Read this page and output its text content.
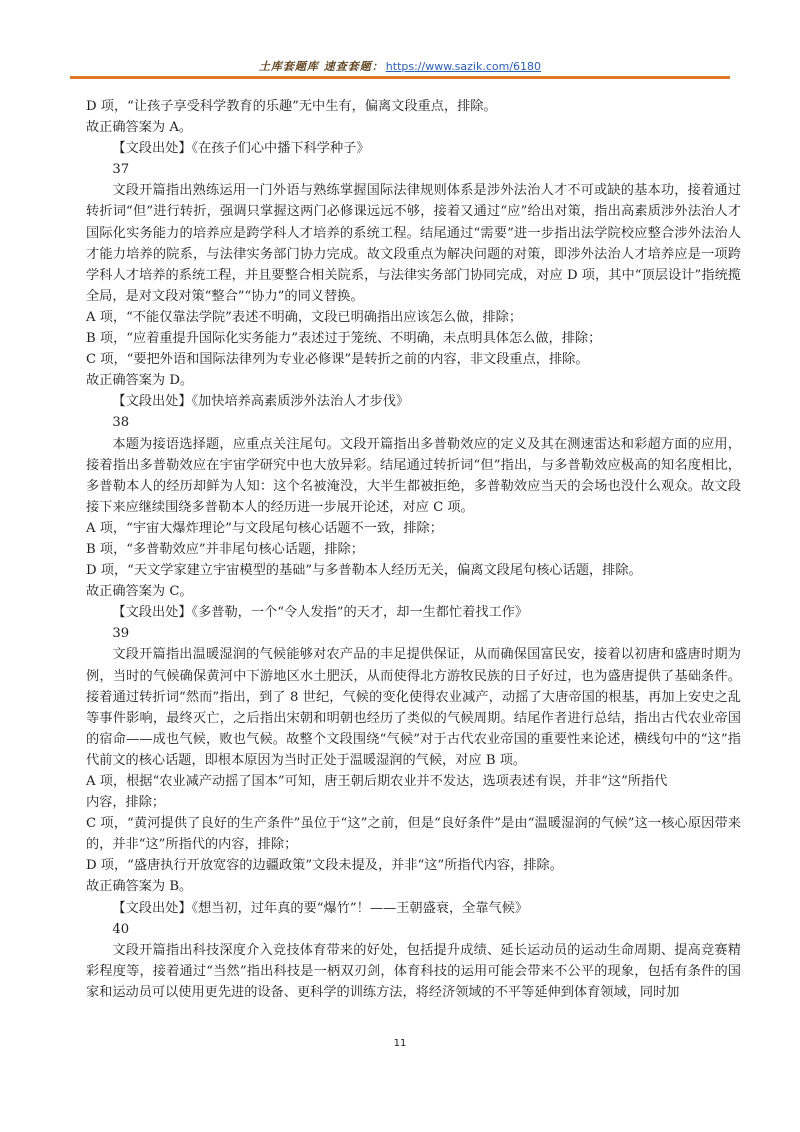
土库套题库 速查套题： https://www.sazik.com/6180
D 项，“让孩子享受科学教育的乐趣”无中生有，偏离文段重点，排除。
故正确答案为 A。
【文段出处】《在孩子们心中播下科学种子》
37
文段开篇指出熟练运用一门外语与熟练掌握国际法律规则体系是涉外法治人才不可或缺的基本功，接着通过转折词“但”进行转折，强调只掌握这两门必修课远远不够，接着又通过“应”给出对策，指出高素质涉外法治人才国际化实务能力的培养应是跨学科人才培养的系统工程。结尾通过“需要”进一步指出法学院校应整合涉外法治人才能力培养的院系，与法律实务部门协力完成。故文段重点为解决问题的对策，即涉外法治人才培养应是一项跨学科人才培养的系统工程，并且要整合相关院系，与法律实务部门协同完成，对应 D 项，其中“顶层设计”指统揽全局，是对文段对策“整合”“协力”的同义替换。
A 项，“不能仅靠法学院”表述不明确，文段已明确指出应该怎么做，排除；
B 项，“应着重提升国际化实务能力”表述过于笼统、不明确，未点明具体怎么做，排除；
C 项，“要把外语和国际法律列为专业必修课”是转折之前的内容，非文段重点，排除。
故正确答案为 D。
【文段出处】《加快培养高素质涉外法治人才步伐》
38
本题为接语选择题，应重点关注尾句。文段开篇指出多普勒效应的定义及其在测速雷达和彩超方面的应用，接着指出多普勒效应在宇宙学研究中也大放异彩。结尾通过转折词“但”指出，与多普勒效应极高的知名度相比，多普勒本人的经历却鲜为人知：这个名被淹没，大半生都被拒绝，多普勒效应当天的会场也没什么观众。故文段接下来应继续围绕多普勒本人的经历进一步展开论述，对应 C 项。
A 项，“宇宙大爆炸理论”与文段尾句核心话题不一致，排除；
B 项，“多普勒效应”并非尾句核心话题，排除；
D 项，“天文学家建立宇宙模型的基础”与多普勒本人经历无关，偏离文段尾句核心话题，排除。
故正确答案为 C。
【文段出处】《多普勒，一个“令人发指”的天才，却一生都忙着找工作》
39
文段开篇指出温暖湿润的气候能够对农产品的丰足提供保证，从而确保国富民安，接着以初唐和盛唐时期为例，当时的气候确保黄河中下游地区水土肥沃，从而使得北方游牧民族的日子好过，也为盛唐提供了基础条件。接着通过转折词“然而”指出，到了 8 世纪，气候的变化使得农业减产，动摇了大唐帝国的根基，再加上安史之乱等事件影响，最终灭亡，之后指出宋朝和明朝也经历了类似的气候周期。结尾作者进行总结，指出古代农业帝国的宿命——成也气候，败也气候。故整个文段围绕“气候”对于古代农业帝国的重要性来论述，横线句中的“这”指代前文的核心话题，即根本原因为当时正处于温暖湿润的气候，对应 B 项。
A 项，根据“农业减产动摇了国本”可知，唐王朝后期农业并不发达，选项表述有误，并非“这”所指代
内容，排除；
C 项，“黄河提供了良好的生产条件”虽位于“这”之前，但是“良好条件”是由“温暖湿润的气候”这一核心原因带来的，并非“这”所指代的内容，排除；
D 项，“盛唐执行开放宽容的边疆政策”文段未提及，并非“这”所指代内容，排除。
故正确答案为 B。
【文段出处】《想当初，过年真的要“爆竹”！——王朝盛衰，全靠气候》
40
文段开篇指出科技深度介入竞技体育带来的好处，包括提升成绩、延长运动员的运动生命周期、提高竞赛精彩程度等，接着通过“当然”指出科技是一柄双刃剑，体育科技的运用可能会带来不公平的现象，包括有条件的国家和运动员可以使用更先进的设备、更科学的训练方法，将经济领域的不平等延伸到体育领域，同时加
11
